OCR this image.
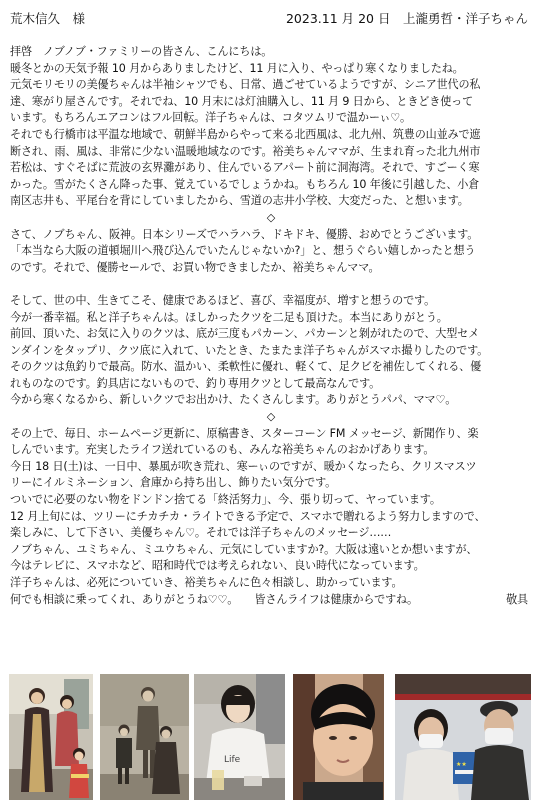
荒木信久　様	2023.11 月 20 日　上瀧勇哲・洋子ちゃん

拝啓　ノブノブ・ファミリーの皆さん、こんにちは。

暖冬とかの天気予報 10 月からありましたけど、11 月に入り、やっぱり寒くなりましたね。

元気モリモリの美優ちゃんは半袖シャツでも、日常、過ごせているようですが、シニア世代の私

達、寒がり屋さんです。それでね、10 月末には灯油購入し、11 月 9 日から、ときどき使って

います。もちろんエアコンはフル回転。洋子ちゃんは、コタツムリで温かーぃ♡。

それでも行橋市は平温な地域で、朝鮮半島からやって来る北西風は、北九州、筑豊の山並みで遮

断され、雨、風は、非常に少ない温暖地域なのです。裕美ちゃんママが、生まれ育った北九州市

若松は、すぐそばに荒波の玄界灘があり、住んでいるアパート前に洞海湾。それで、すごーく寒

かった。雪がたくさん降った事、覚えているでしょうかね。もちろん 10 年後に引越した、小倉

南区志井も、平尾台を背にしていましたから、雪道の志井小学校、大変だった、と想います。

◇

さて、ノブちゃん、阪神。日本シリーズでハラハラ、ドキドキ、優勝、おめでとうございます。

「本当なら大阪の道頓堀川へ飛び込んでいたんじゃないか?」と、想うぐらい嬉しかったと想う

のです。それで、優勝セールで、お買い物できましたか、裕美ちゃんママ。

そして、世の中、生きてこそ、健康であるほど、喜び、幸福度が、増すと想うのです。

今が一番幸福。私と洋子ちゃんは。ほしかったクツを二足も頂けた。本当にありがとう。

前回、頂いた、お気に入りのクツは、底が三度もパカーン、パカーンと剝がれたので、大型セメ

ンダインをタップリ、クツ底に入れて、いたとき、たまたま洋子ちゃんがスマホ撮りしたのです。

そのクツは魚釣りで最高。防水、温かい、柔軟性に優れ、軽くて、足クビを補佐してくれる、優

れものなのです。釣具店にないもので、釣り専用クツとして最高なんです。

今から寒くなるから、新しいクツでお出かけ、たくさんします。ありがとうパパ、ママ♡。

◇

その上で、毎日、ホームページ更新に、原稿書き、スターコーン FM メッセージ、新聞作り、楽

しんでいます。充実したライフ送れているのも、みんな裕美ちゃんのおかげあります。

今日 18 日(土)は、一日中、暴風が吹き荒れ、寒ーぃのですが、暖かくなったら、クリスマスツ

リーにイルミネーション、倉庫から持ち出し、飾りたい気分です。

ついでに必要のない物をドンドン捨てる「終活努力」、今、張り切って、ヤっています。

12 月上旬には、ツリーにチカチカ・ライトできる予定で、スマホで贈れるよう努力しますので、

楽しみに、して下さい、美優ちゃん♡。それでは洋子ちゃんのメッセージ……

ノブちゃん、ユミちゃん、ミユウちゃん、元気にしていますか?。大阪は遠いとか想いますが、

今はテレビに、スマホなど、昭和時代では考えられない、良い時代になっています。

洋子ちゃんは、必死についていき、裕美ちゃんに色々相談し、助かっています。

何でも相談に乗ってくれ、ありがとうね♡♡。　　皆さんライフは健康からですね。	敬具

Life	★★
